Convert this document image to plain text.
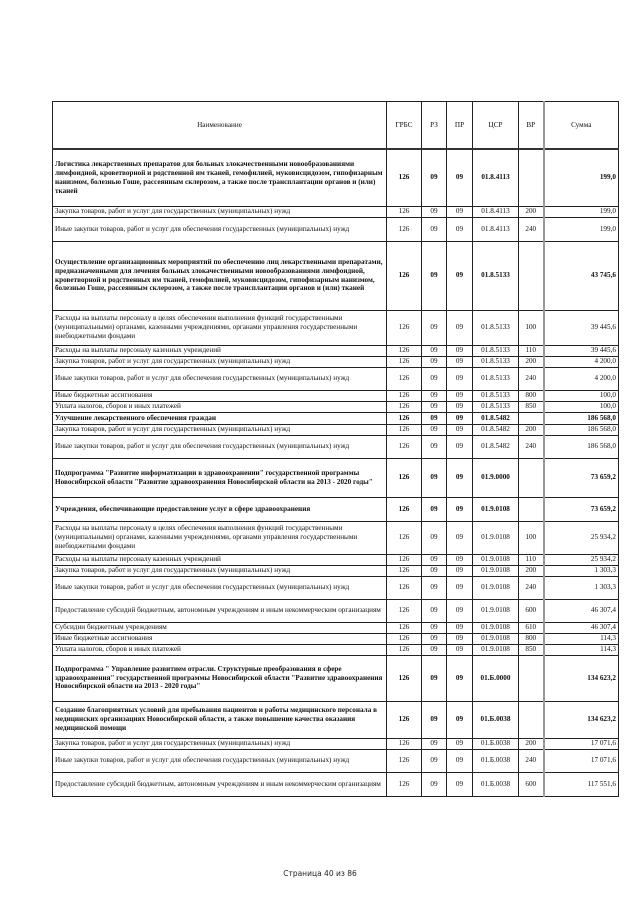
Наименование	ГРБС	РЗ	ПР	ЦСР	ВР	Сумма
Логистика лекарственных препаратов для больных злокачественными новообразованиями лимфоидной, кроветворной и родственной им тканей, гемофилией, муковисцидозом, гипофизарным нанизмом, болезнью Гоше, рассеянным склерозом, а также после трансплантации органов и (или) тканей	126	09	09	01.8.4113		199,0
Закупка товаров, работ и услуг для государственных (муниципальных) нужд	126	09	09	01.8.4113	200	199,0
Иные закупки товаров, работ и услуг для обеспечения государственных (муниципальных) нужд	126	09	09	01.8.4113	240	199,0
Осуществление организационных мероприятий по обеспечению лиц лекарственными препаратами, предназначенными для лечения больных злокачественными новообразованиями лимфоидной, кроветворной и родственных им тканей, гемофилией, муковисцидозом, гипофизарным нанизмом, болезнью Гоше, рассеянным склерозом, а также после трансплантации органов и (или) тканей	126	09	09	01.8.5133		43 745,6
Расходы на выплаты персоналу в целях обеспечения выполнения функций государственными (муниципальными) органами, казенными учреждениями, органами управления государственными внебюджетными фондами	126	09	09	01.8.5133	100	39 445,6
Расходы на выплаты персоналу казенных учреждений	126	09	09	01.8.5133	110	39 445,6
Закупка товаров, работ и услуг для государственных (муниципальных) нужд	126	09	09	01.8.5133	200	4 200,0
Иные закупки товаров, работ и услуг для обеспечения государственных (муниципальных) нужд	126	09	09	01.8.5133	240	4 200,0
Иные бюджетные ассигнования	126	09	09	01.8.5133	800	100,0
Уплата налогов, сборов и иных платежей	126	09	09	01.8.5133	850	100,0
Улучшение лекарственного обеспечения граждан	126	09	09	01.8.5482		186 568,0
Закупка товаров, работ и услуг для государственных (муниципальных) нужд	126	09	09	01.8.5482	200	186 568,0
Иные закупки товаров, работ и услуг для обеспечения государственных (муниципальных) нужд	126	09	09	01.8.5482	240	186 568,0
Подпрограмма "Развитие информатизации в здравоохранении" государственной программы Новосибирской области "Развитие здравоохранения Новосибирской области на 2013 - 2020 годы"	126	09	09	01.9.0000		73 659,2
Учреждения, обеспечивающие предоставление услуг в сфере здравоохранения	126	09	09	01.9.0108		73 659,2
Расходы на выплаты персоналу в целях обеспечения выполнения функций государственными (муниципальными) органами, казенными учреждениями, органами управления государственными внебюджетными фондами	126	09	09	01.9.0108	100	25 934,2
Расходы на выплаты персоналу казенных учреждений	126	09	09	01.9.0108	110	25 934,2
Закупка товаров, работ и услуг для государственных (муниципальных) нужд	126	09	09	01.9.0108	200	1 303,3
Иные закупки товаров, работ и услуг для обеспечения государственных (муниципальных) нужд	126	09	09	01.9.0108	240	1 303,3
Предоставление субсидий бюджетным, автономным учреждениям и иным некоммерческим организациям	126	09	09	01.9.0108	600	46 307,4
Субсидии бюджетным учреждениям	126	09	09	01.9.0108	610	46 307,4
Иные бюджетные ассигнования	126	09	09	01.9.0108	800	114,3
Уплата налогов, сборов и иных платежей	126	09	09	01.9.0108	850	114,3
Подпрограмма " Управление развитием отрасли. Структурные преобразования в сфере здравоохранения" государственной программы Новосибирской области "Развитие здравоохранения Новосибирской области на 2013 - 2020 годы"	126	09	09	01.Б.0000		134 623,2
Создание благоприятных условий для пребывания пациентов и работы медицинского персонала в медицинских организациях Новосибирской области, а также повышение качества оказания медицинской помощи	126	09	09	01.Б.0038		134 623,2
Закупка товаров, работ и услуг для государственных (муниципальных) нужд	126	09	09	01.Б.0038	200	17 071,6
Иные закупки товаров, работ и услуг для обеспечения государственных (муниципальных) нужд	126	09	09	01.Б.0038	240	17 071,6
Предоставление субсидий бюджетным, автономным учреждениям и иным некоммерческим организациям	126	09	09	01.Б.0038	600	117 551,6
Страница 40 из 86
